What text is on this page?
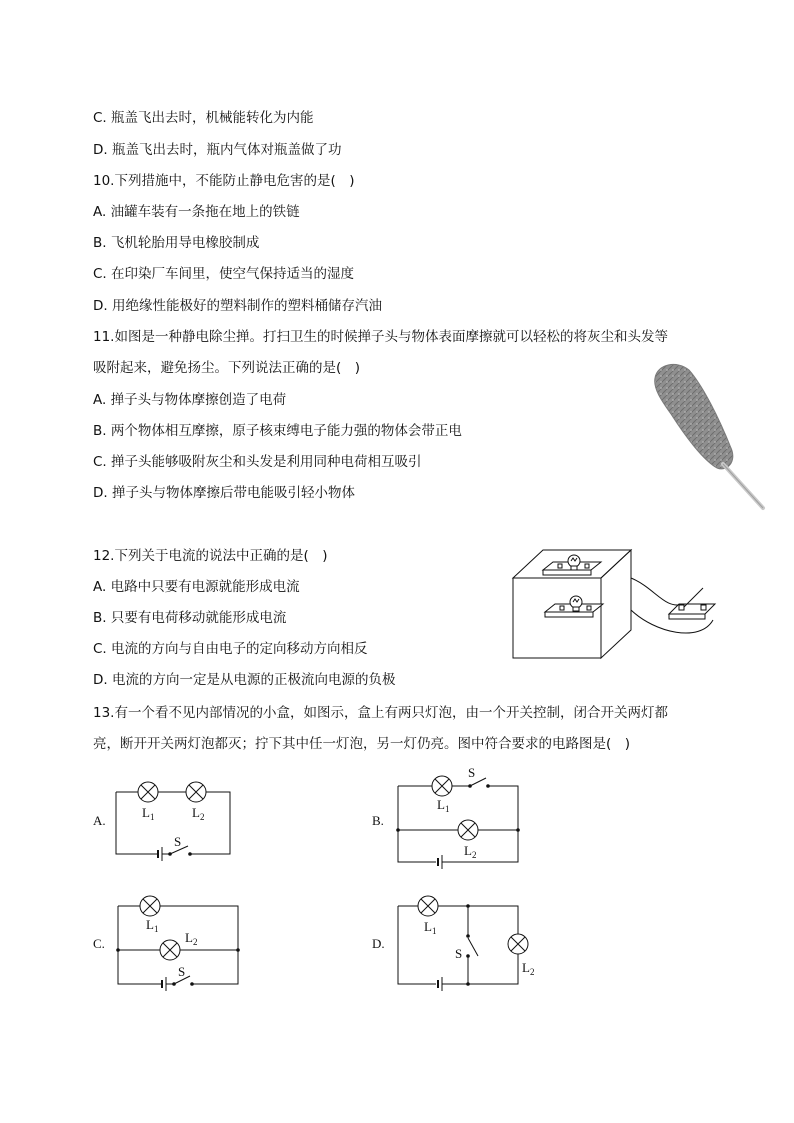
C. 瓶盖飞出去时，机械能转化为内能
D. 瓶盖飞出去时，瓶内气体对瓶盖做了功
10.下列措施中，不能防止静电危害的是(　)
A. 油罐车装有一条拖在地上的铁链
B. 飞机轮胎用导电橡胶制成
C. 在印染厂车间里，使空气保持适当的湿度
D. 用绝缘性能极好的塑料制作的塑料桶储存汽油
11.如图是一种静电除尘掸。打扫卫生的时候掸子头与物体表面摩擦就可以轻松的将灰尘和头发等
吸附起来，避免扬尘。下列说法正确的是(　)
A. 掸子头与物体摩擦创造了电荷
B. 两个物体相互摩擦，原子核束缚电子能力强的物体会带正电
C. 掸子头能够吸附灰尘和头发是利用同种电荷相互吸引
D. 掸子头与物体摩擦后带电能吸引轻小物体
12.下列关于电流的说法中正确的是(　)
A. 电路中只要有电源就能形成电流
B. 只要有电荷移动就能形成电流
C. 电流的方向与自由电子的定向移动方向相反
D. 电流的方向一定是从电源的正极流向电源的负极
13.有一个看不见内部情况的小盒，如图示，盒上有两只灯泡，由一个开关控制，闭合开关两灯都
亮，断开开关两灯泡都灭；拧下其中任一灯泡，另一灯仍亮。图中符合要求的电路图是(　)
A.
$L_1$	$L_2$
S
B.
$L_1$
$L_2$
S
C.
$L_1$
$L_2$
S
D.
$L_1$
$L_2$
S
